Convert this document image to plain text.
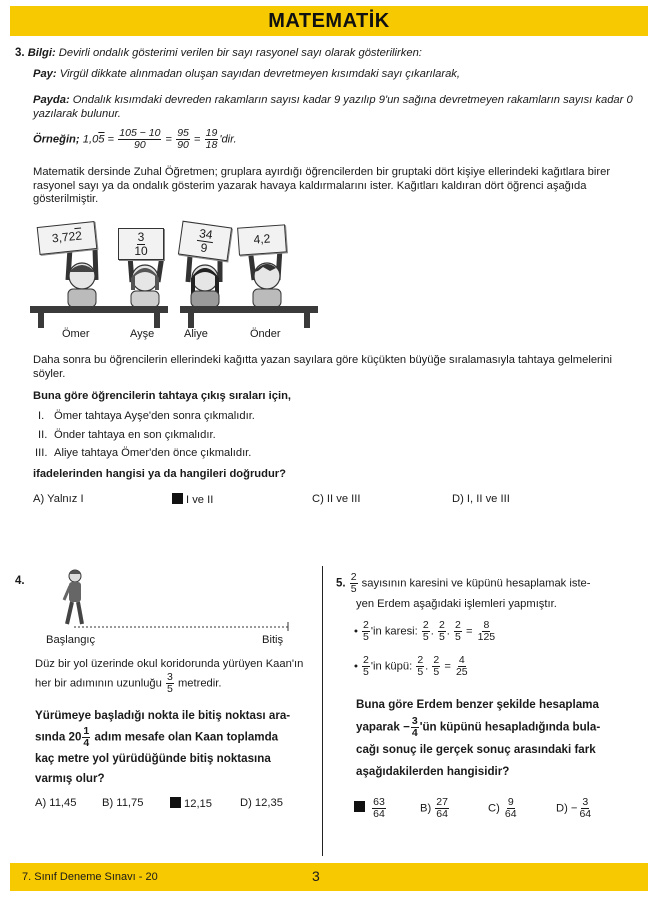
MATEMATİK
3. Bilgi: Devirli ondalık gösterimi verilen bir sayı rasyonel sayı olarak gösterilirken:
Pay: Virgül dikkate alınmadan oluşan sayıdan devretmeyen kısımdaki sayı çıkarılarak,
Payda: Ondalık kısımdaki devreden rakamların sayısı kadar 9 yazılıp 9'un sağına devretmeyen rakamların sayısı kadar 0 yazılarak bulunur.
Örneğin; $1,05 = \frac{105 - 10}{90} = \frac{95}{90} = \frac{19}{18}$ 'dir.
Matematik dersinde Zuhal Öğretmen; gruplara ayırdığı öğrencilerden bir gruptaki dört kişiye ellerindeki kağıtlara birer rasyonel sayı ya da ondalık gösterim yazarak havaya kaldırmalarını ister. Kağıtları kaldıran dört öğrenci aşağıda gösterilmiştir.
3,722	$\frac{3}{10}$	$\frac{34}{9}$	4,2
Ömer	Ayşe	Aliye	Önder
Daha sonra bu öğrencilerin ellerindeki kağıtta yazan sayılara göre küçükten büyüğe sıralamasıyla tahtaya gelmelerini söyler.
Buna göre öğrencilerin tahtaya çıkış sıraları için,
I. Ömer tahtaya Ayşe'den sonra çıkmalıdır.
II. Önder tahtaya en son çıkmalıdır.
III. Aliye tahtaya Ömer'den önce çıkmalıdır.
ifadelerinden hangisi ya da hangileri doğrudur?
A) Yalnız I	I ve II	C) II ve III	D) I, II ve III
4.
Başlangıç	Bitiş
Düz bir yol üzerinde okul koridorunda yürüyen Kaan'ın her bir adımının uzunluğu $\frac{3}{5}$ metredir.
Yürümeye başladığı nokta ile bitiş noktası ara-
sında $20 \frac{1}{4}$ adım mesafe olan Kaan toplamda
kaç metre yol yürüdüğünde bitiş noktasına
varmış olur?
A) 11,45 B) 11,75	12,15	D) 12,35
5. $\frac{2}{5}$ sayısının karesini ve küpünü hesaplamak iste-
yen Erdem aşağıdaki işlemleri yapmıştır.
• $\frac{2}{5}$ 'in karesi: $\frac{2}{5}$ . $\frac{2}{5}$ . $\frac{2}{5} = \frac{8}{125}$
• $\frac{2}{5}$ 'in küpü: $\frac{2}{5}$ . $\frac{2}{5} = \frac{4}{25}$
Buna göre Erdem benzer şekilde hesaplama
yaparak − $\frac{3}{4}$ 'ün küpünü hesapladığında bula-
cağı sonuç ile gerçek sonuç arasındaki fark
aşağıdakilerden hangisidir?

$\frac{63}{64}$	$B) \frac{27}{64}$	$C) \frac{9}{64}$	$D) - \frac{3}{64}$
7. Sınıf Deneme Sınavı - 20	3
